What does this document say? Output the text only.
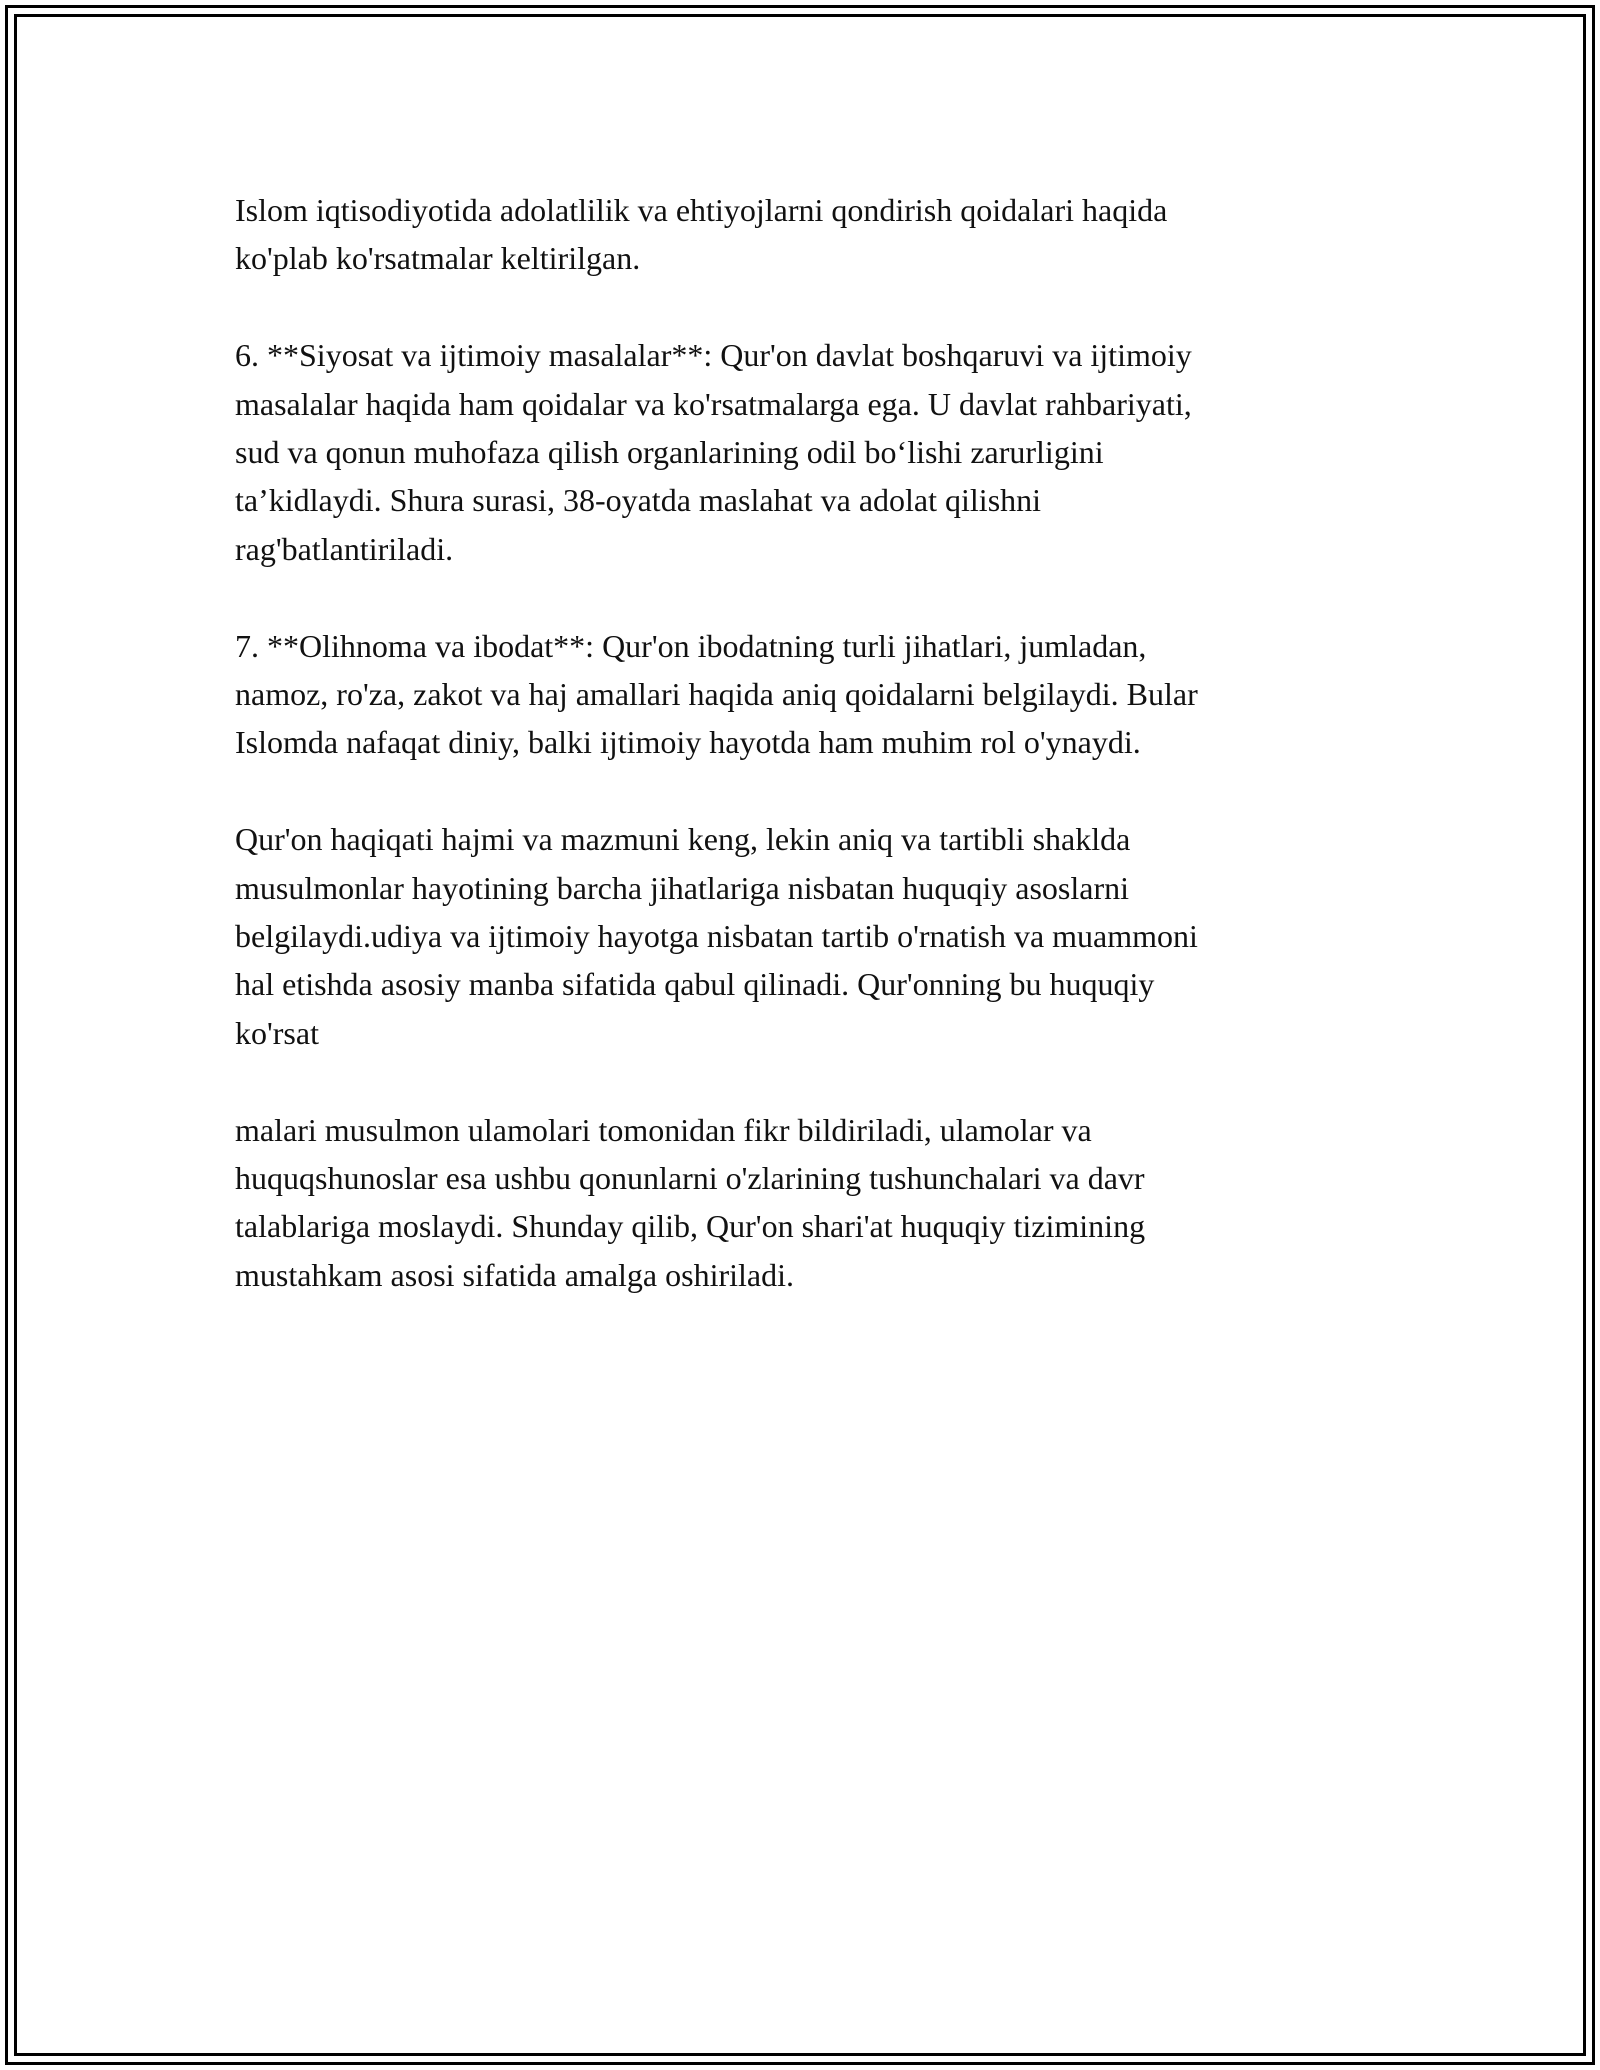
Islom iqtisodiyotida adolatlilik va ehtiyojlarni qondirish qoidalari haqida
ko'plab ko'rsatmalar keltirilgan.

6. **Siyosat va ijtimoiy masalalar**: Qur'on davlat boshqaruvi va ijtimoiy
masalalar haqida ham qoidalar va ko'rsatmalarga ega. U davlat rahbariyati,
sud va qonun muhofaza qilish organlarining odil bo‘lishi zarurligini
ta’kidlaydi. Shura surasi, 38-oyatda maslahat va adolat qilishni
rag'batlantiriladi.

7. **Olihnoma va ibodat**: Qur'on ibodatning turli jihatlari, jumladan,
namoz, ro'za, zakot va haj amallari haqida aniq qoidalarni belgilaydi. Bular
Islomda nafaqat diniy, balki ijtimoiy hayotda ham muhim rol o'ynaydi.

Qur'on haqiqati hajmi va mazmuni keng, lekin aniq va tartibli shaklda
musulmonlar hayotining barcha jihatlariga nisbatan huquqiy asoslarni
belgilaydi.udiya va ijtimoiy hayotga nisbatan tartib o'rnatish va muammoni
hal etishda asosiy manba sifatida qabul qilinadi. Qur'onning bu huquqiy
ko'rsat

malari musulmon ulamolari tomonidan fikr bildiriladi, ulamolar va
huquqshunoslar esa ushbu qonunlarni o'zlarining tushunchalari va davr
talablariga moslaydi. Shunday qilib, Qur'on shari'at huquqiy tizimining
mustahkam asosi sifatida amalga oshiriladi.
